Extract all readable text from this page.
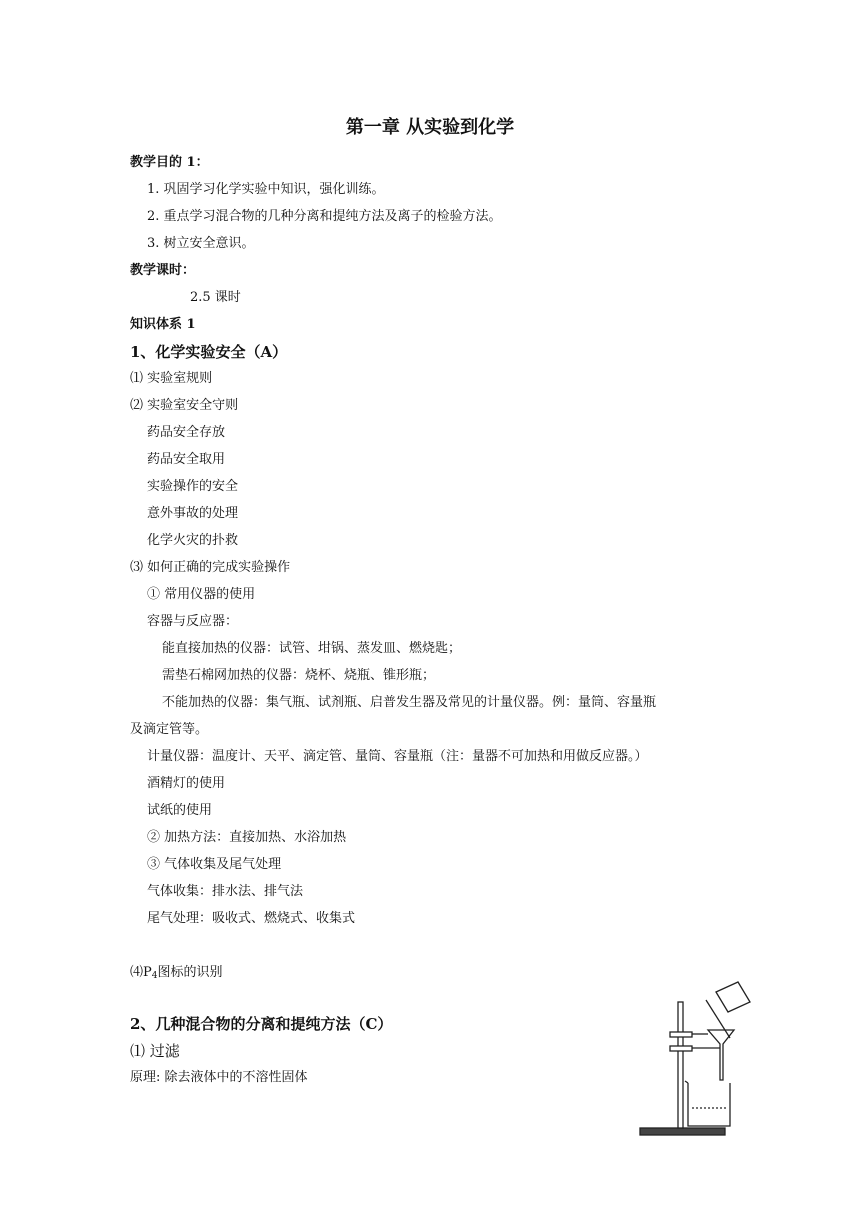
第一章 从实验到化学
教学目的 1：
1. 巩固学习化学实验中知识，强化训练。
2. 重点学习混合物的几种分离和提纯方法及离子的检验方法。
3. 树立安全意识。
教学课时：
2.5 课时
知识体系 1
1、化学实验安全（A）
⑴ 实验室规则
⑵ 实验室安全守则
药品安全存放
药品安全取用
实验操作的安全
意外事故的处理
化学火灾的扑救
⑶ 如何正确的完成实验操作
① 常用仪器的使用
容器与反应器：
能直接加热的仪器：试管、坩锅、蒸发皿、燃烧匙；
需垫石棉网加热的仪器：烧杯、烧瓶、锥形瓶；
不能加热的仪器：集气瓶、试剂瓶、启普发生器及常见的计量仪器。例：量筒、容量瓶
及滴定管等。
计量仪器：温度计、天平、滴定管、量筒、容量瓶（注：量器不可加热和用做反应器。）
酒精灯的使用
试纸的使用
② 加热方法：直接加热、水浴加热
③ 气体收集及尾气处理
气体收集：排水法、排气法
尾气处理：吸收式、燃烧式、收集式
⑷P4图标的识别
2、几种混合物的分离和提纯方法（C）
⑴ 过滤
原理: 除去液体中的不溶性固体
